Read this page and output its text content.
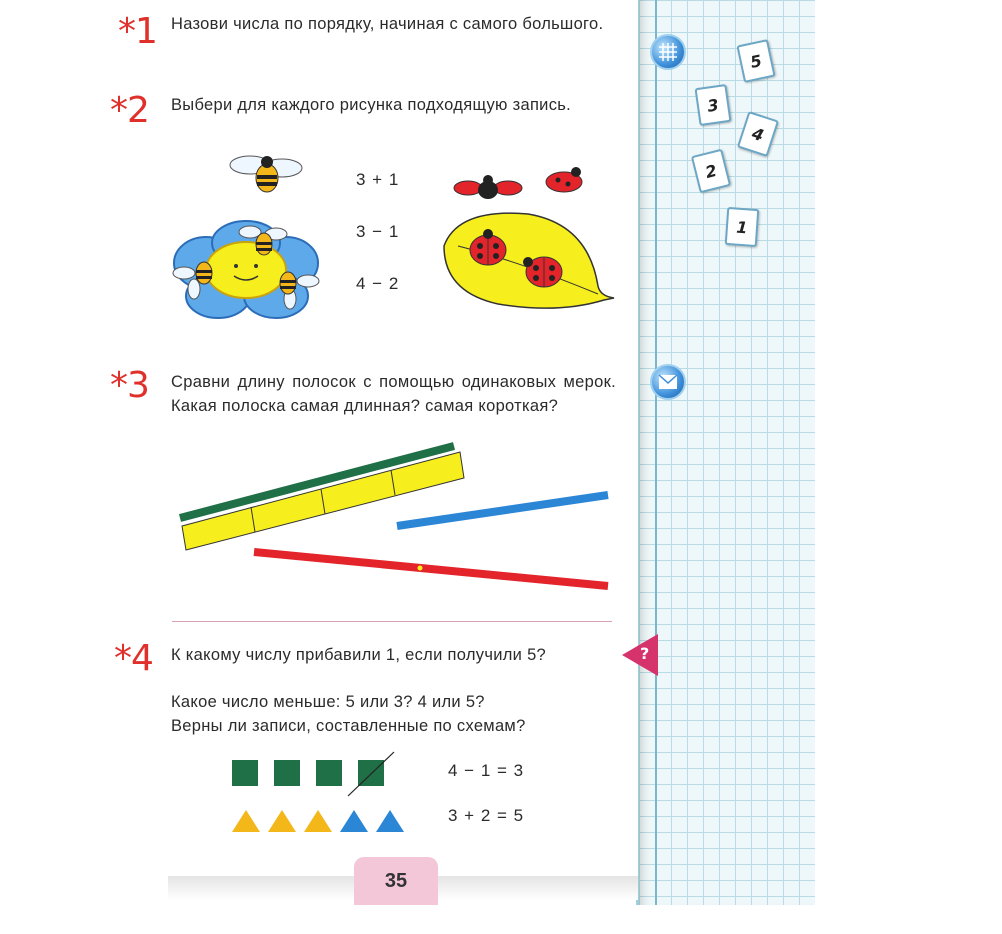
*1 Назови числа по порядку, начиная с самого большого.
*2 Выбери для каждого рисунка подходящую запись.
3 + 1
3 − 1
4 − 2
*3 Сравни длину полосок с помощью одинаковых мерок. Какая полоска самая длинная? самая короткая?
*4 К какому числу прибавили 1, если получили 5?
Какое число меньше: 5 или 3? 4 или 5?
Верны ли записи, составленные по схемам?
4 − 1 = 3
3 + 2 = 5
35
5
3
4
2
1
?
